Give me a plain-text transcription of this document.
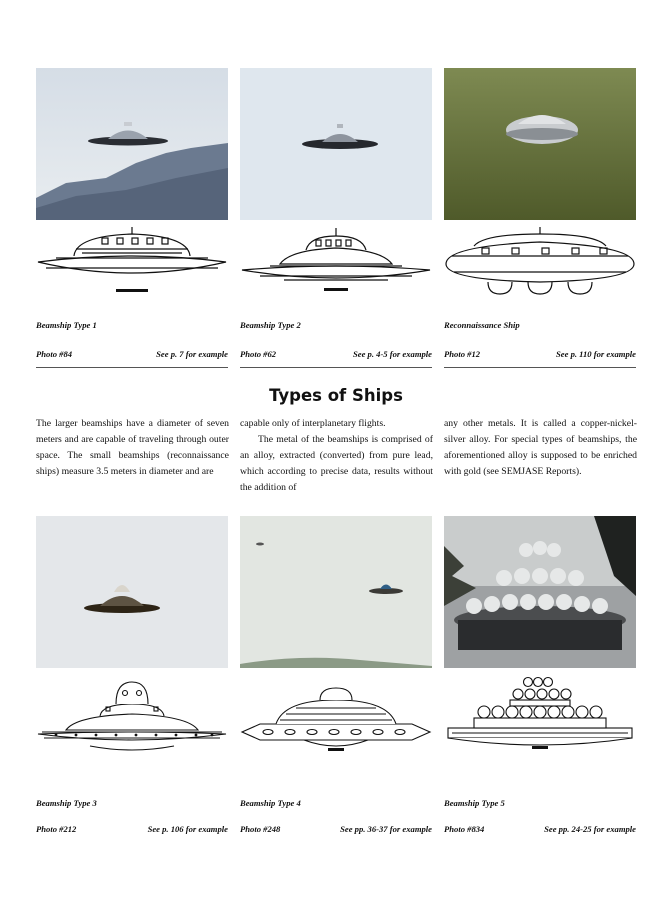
Beamship Type 1
Photo #84	See p. 7 for example
Beamship Type 2
Photo #62	See p. 4-5 for example
Reconnaissance Ship
Photo #12	See p. 110 for example
Types of Ships

The larger beamships have a diameter of seven meters and are capable of traveling through outer space. The small beamships (reconnaissance ships) measure 3.5 meters in diameter and are

capable only of interplanetary flights.

The metal of the beamships is comprised of an alloy, extracted (converted) from pure lead, which according to precise data, results without the addition of

any other metals. It is called a copper-nickel-silver alloy. For special types of beamships, the aforementioned alloy is supposed to be enriched with gold (see SEMJASE Reports).

Beamship Type 3
Photo #212	See p. 106 for example
Beamship Type 4
Photo #248	See pp. 36-37 for example
Beamship Type 5
Photo #834	See pp. 24-25 for example
